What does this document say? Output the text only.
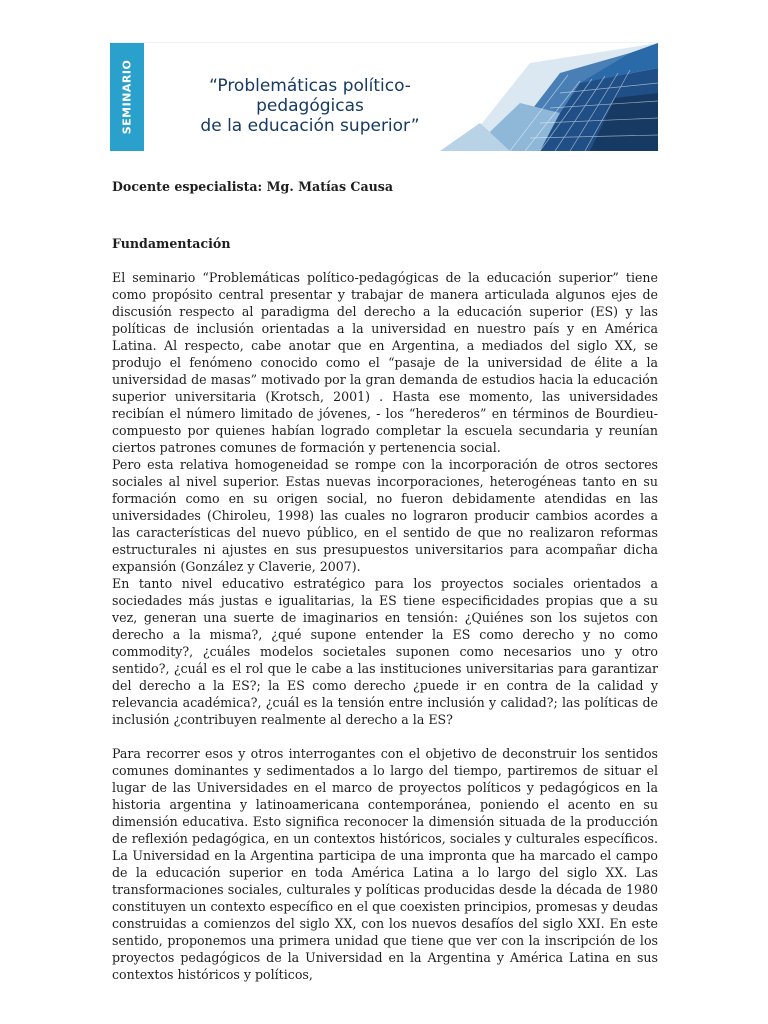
SEMINARIO	“Problemáticas político-pedagógicas
de la educación superior”

Docente especialista: Mg. Matías Causa

Fundamentación

El seminario “Problemáticas político-pedagógicas de la educación superior” tiene como propósito central presentar y trabajar de manera articulada algunos ejes de discusión respecto al paradigma del derecho a la educación superior (ES) y las políticas de inclusión orientadas a la universidad en nuestro país y en América Latina. Al respecto, cabe anotar que en Argentina, a mediados del siglo XX, se produjo el fenómeno conocido como el “pasaje de la universidad de élite a la universidad de masas” motivado por la gran demanda de estudios hacia la educación superior universitaria (Krotsch, 2001) . Hasta ese momento, las universidades recibían el número limitado de jóvenes, - los “herederos” en términos de Bourdieu- compuesto por quienes habían logrado completar la escuela secundaria y reunían ciertos patrones comunes de formación y pertenencia social.

Pero esta relativa homogeneidad se rompe con la incorporación de otros sectores sociales al nivel superior. Estas nuevas incorporaciones, heterogéneas tanto en su formación como en su origen social, no fueron debidamente atendidas en las universidades (Chiroleu, 1998) las cuales no lograron producir cambios acordes a las características del nuevo público, en el sentido de que no realizaron reformas estructurales ni ajustes en sus presupuestos universitarios para acompañar dicha expansión (González y Claverie, 2007).

En tanto nivel educativo estratégico para los proyectos sociales orientados a sociedades más justas e igualitarias, la ES tiene especificidades propias que a su vez, generan una suerte de imaginarios en tensión: ¿Quiénes son los sujetos con derecho a la misma?, ¿qué supone entender la ES como derecho y no como commodity?, ¿cuáles modelos societales suponen como necesarios uno y otro sentido?, ¿cuál es el rol que le cabe a las instituciones universitarias para garantizar del derecho a la ES?; la ES como derecho ¿puede ir en contra de la calidad y relevancia académica?, ¿cuál es la tensión entre inclusión y calidad?; las políticas de inclusión ¿contribuyen realmente al derecho a la ES?

Para recorrer esos y otros interrogantes con el objetivo de deconstruir los sentidos comunes dominantes y sedimentados a lo largo del tiempo, partiremos de situar el lugar de las Universidades en el marco de proyectos políticos y pedagógicos en la historia argentina y latinoamericana contemporánea, poniendo el acento en su dimensión educativa. Esto significa reconocer la dimensión situada de la producción de reflexión pedagógica, en un contextos históricos, sociales y culturales específicos. La Universidad en la Argentina participa de una impronta que ha marcado el campo de la educación superior en toda América Latina a lo largo del siglo XX. Las transformaciones sociales, culturales y políticas producidas desde la década de 1980 constituyen un contexto específico en el que coexisten principios, promesas y deudas construidas a comienzos del siglo XX, con los nuevos desafíos del siglo XXI. En este sentido, proponemos una primera unidad que tiene que ver con la inscripción de los proyectos pedagógicos de la Universidad en la Argentina y América Latina en sus contextos históricos y políticos,
